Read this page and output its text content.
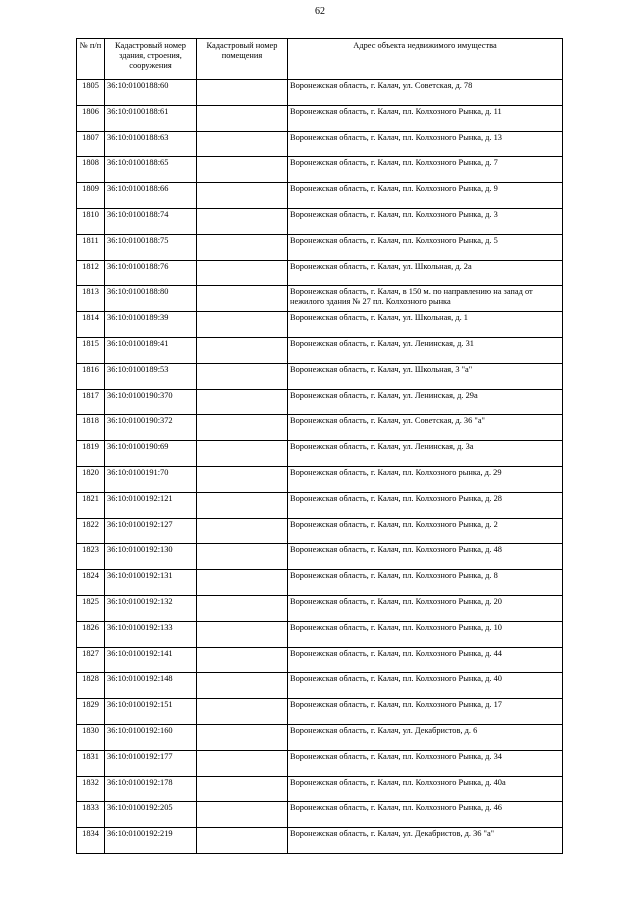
62
№ п/п	Кадастровый номер здания, строения, сооружения	Кадастровый номер помещения	Адрес объекта недвижимого имущества
1805	36:10:0100188:60		Воронежская область, г. Калач, ул. Советская, д. 78
1806	36:10:0100188:61		Воронежская область, г. Калач, пл. Колхозного Рынка, д. 11
1807	36:10:0100188:63		Воронежская область, г. Калач, пл. Колхозного Рынка, д. 13
1808	36:10:0100188:65		Воронежская область, г. Калач, пл. Колхозного Рынка, д. 7
1809	36:10:0100188:66		Воронежская область, г. Калач, пл. Колхозного Рынка, д. 9
1810	36:10:0100188:74		Воронежская область, г. Калач, пл. Колхозного Рынка, д. 3
1811	36:10:0100188:75		Воронежская область, г. Калач, пл. Колхозного Рынка, д. 5
1812	36:10:0100188:76		Воронежская область, г. Калач, ул. Школьная, д. 2а
1813	36:10:0100188:80		Воронежская область, г. Калач, в 150 м. по направлению на запад от нежилого здания № 27 пл. Колхозного рынка
1814	36:10:0100189:39		Воронежская область, г. Калач, ул. Школьная, д. 1
1815	36:10:0100189:41		Воронежская область, г. Калач, ул. Ленинская, д. 31
1816	36:10:0100189:53		Воронежская область, г. Калач, ул. Школьная, 3 "а"
1817	36:10:0100190:370		Воронежская область, г. Калач, ул. Ленинская, д. 29а
1818	36:10:0100190:372		Воронежская область, г. Калач, ул. Советская, д. 36 "а"
1819	36:10:0100190:69		Воронежская область, г. Калач, ул. Ленинская, д. 3а
1820	36:10:0100191:70		Воронежская область, г. Калач, пл. Колхозного рынка, д. 29
1821	36:10:0100192:121		Воронежская область, г. Калач, пл. Колхозного Рынка, д. 28
1822	36:10:0100192:127		Воронежская область, г. Калач, пл. Колхозного Рынка, д. 2
1823	36:10:0100192:130		Воронежская область, г. Калач, пл. Колхозного Рынка, д. 48
1824	36:10:0100192:131		Воронежская область, г. Калач, пл. Колхозного Рынка, д. 8
1825	36:10:0100192:132		Воронежская область, г. Калач, пл. Колхозного Рынка, д. 20
1826	36:10:0100192:133		Воронежская область, г. Калач, пл. Колхозного Рынка, д. 10
1827	36:10:0100192:141		Воронежская область, г. Калач, пл. Колхозного Рынка, д. 44
1828	36:10:0100192:148		Воронежская область, г. Калач, пл. Колхозного Рынка, д. 40
1829	36:10:0100192:151		Воронежская область, г. Калач, пл. Колхозного Рынка, д. 17
1830	36:10:0100192:160		Воронежская область, г. Калач, ул. Декабристов, д. 6
1831	36:10:0100192:177		Воронежская область, г. Калач, пл. Колхозного Рынка, д. 34
1832	36:10:0100192:178		Воронежская область, г. Калач, пл. Колхозного Рынка, д. 40а
1833	36:10:0100192:205		Воронежская область, г. Калач, пл. Колхозного Рынка, д. 46
1834	36:10:0100192:219		Воронежская область, г. Калач, ул. Декабристов, д. 36 "а"
